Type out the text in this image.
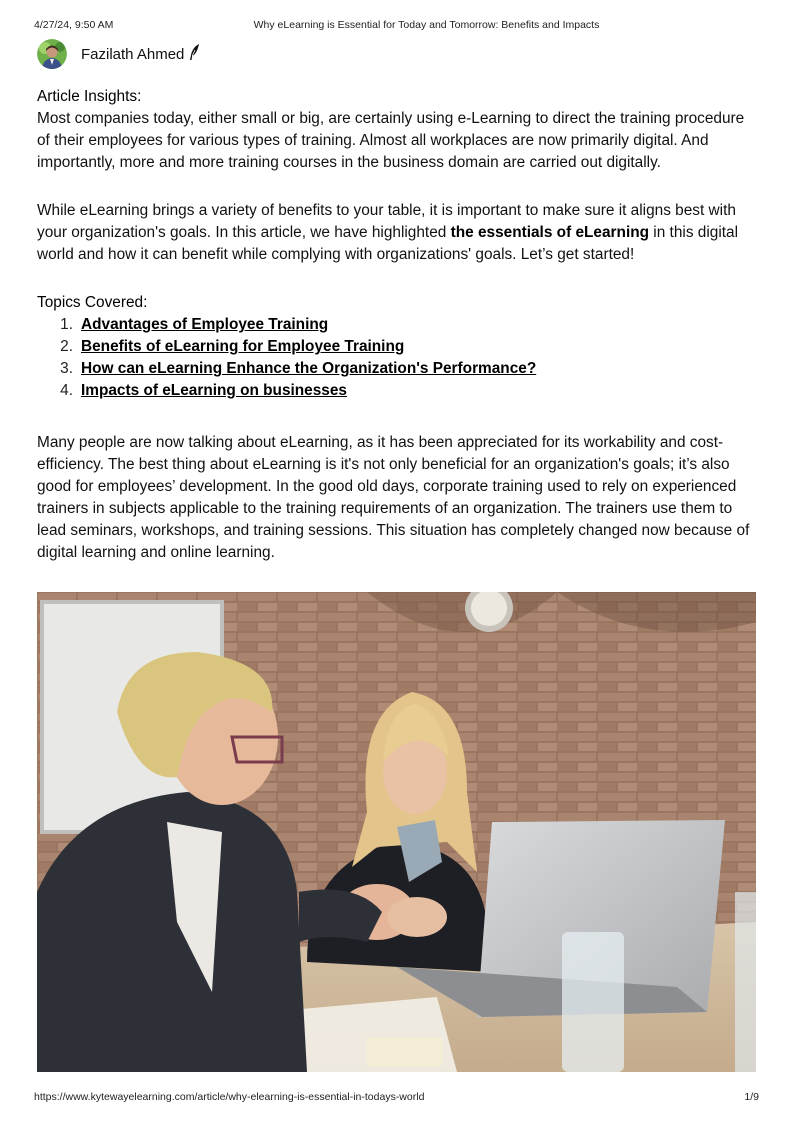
4/27/24, 9:50 AM	Why eLearning is Essential for Today and Tomorrow: Benefits and Impacts
Fazilath Ahmed

Article Insights:

Most companies today, either small or big, are certainly using e-Learning to direct the training procedure of their employees for various types of training. Almost all workplaces are now primarily digital. And importantly, more and more training courses in the business domain are carried out digitally.

While eLearning brings a variety of benefits to your table, it is important to make sure it aligns best with your organization's goals. In this article, we have highlighted the essentials of eLearning in this digital world and how it can benefit while complying with organizations' goals. Let’s get started!

Topics Covered:

1. Advantages of Employee Training
2. Benefits of eLearning for Employee Training
3. How can eLearning Enhance the Organization's Performance?
4. Impacts of eLearning on businesses

Many people are now talking about eLearning, as it has been appreciated for its workability and cost-efficiency. The best thing about eLearning is it's not only beneficial for an organization's goals; it’s also good for employees’ development. In the good old days, corporate training used to rely on experienced trainers in subjects applicable to the training requirements of an organization. The trainers use them to lead seminars, workshops, and training sessions. This situation has completely changed now because of digital learning and online learning.

https://www.kytewayelearning.com/article/why-elearning-is-essential-in-todays-world	1/9
